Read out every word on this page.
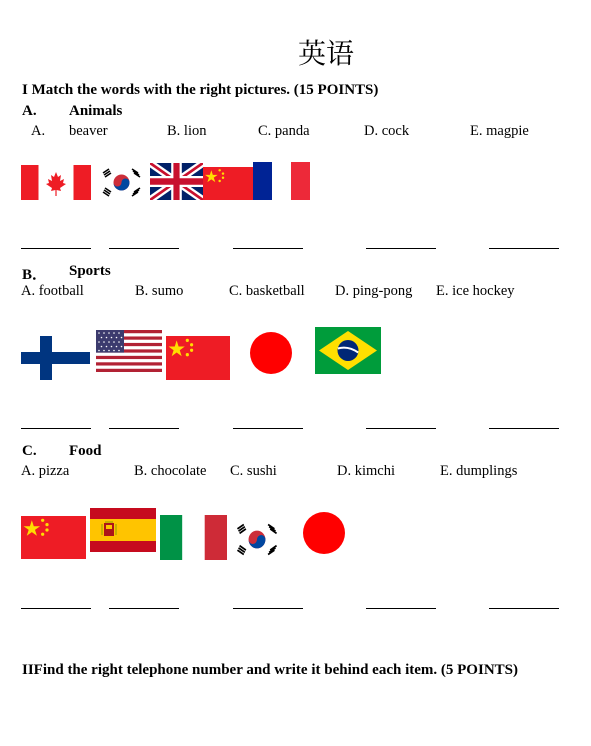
英语
I Match the words with the right pictures. (15 POINTS)
A. Animals
A. beaver	B. lion	C. panda	D. cock	E. magpie
B． Sports
A. football	B. sumo	C. basketball D. ping-pong E. ice hockey
C. Food
A. pizza	B. chocolate C. sushi	D. kimchi	E. dumplings
IIFind the right telephone number and write it behind each item. (5 POINTS)
